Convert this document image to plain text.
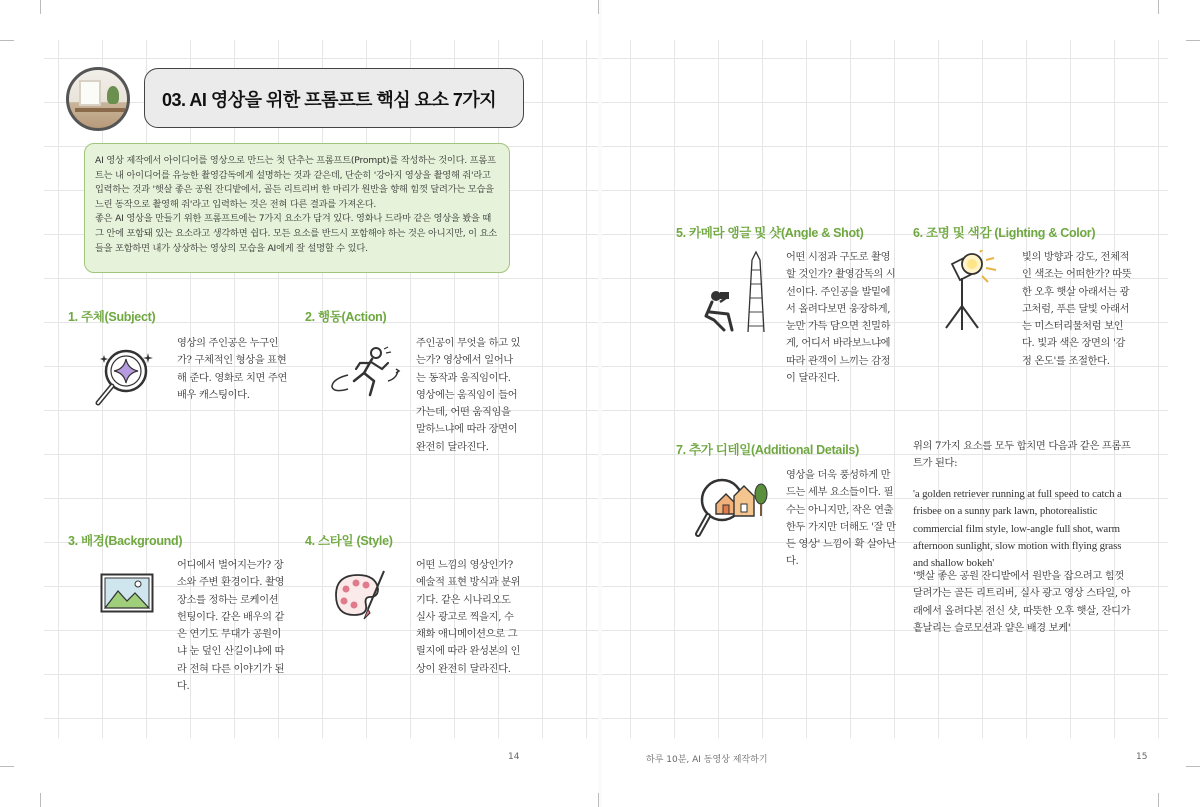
03. AI 영상을 위한 프롬프트 핵심 요소 7가지

AI 영상 제작에서 아이디어를 영상으로 만드는 첫 단추는 프롬프트(Prompt)를 작성하는 것이다. 프롬프트는 내 아이디어를 유능한 촬영감독에게 설명하는 것과 같은데, 단순히 '강아지 영상을 촬영해 줘'라고 입력하는 것과 '햇살 좋은 공원 잔디밭에서, 골든 리트리버 한 마리가 원반을 향해 힘껏 달려가는 모습을 느린 동작으로 촬영해 줘'라고 입력하는 것은 전혀 다른 결과를 가져온다.

좋은 AI 영상을 만들기 위한 프롬프트에는 7가지 요소가 담겨 있다. 영화나 드라마 같은 영상을 봤을 때 그 안에 포함돼 있는 요소라고 생각하면 쉽다. 모든 요소를 반드시 포함해야 하는 것은 아니지만, 이 요소들을 포함하면 내가 상상하는 영상의 모습을 AI에게 잘 설명할 수 있다.

1. 주체(Subject)
영상의 주인공은 누구인가? 구체적인 형상을 표현해 준다. 영화로 치면 주연 배우 캐스팅이다.
2. 행동(Action)
주인공이 무엇을 하고 있는가? 영상에서 일어나는 동작과 움직임이다. 영상에는 움직임이 들어가는데, 어떤 움직임을 말하느냐에 따라 장면이 완전히 달라진다.
3. 배경(Background)
어디에서 벌어지는가? 장소와 주변 환경이다. 촬영 장소를 정하는 로케이션 헌팅이다. 같은 배우의 같은 연기도 무대가 공원이냐 눈 덮인 산길이냐에 따라 전혀 다른 이야기가 된다.
4. 스타일 (Style)
어떤 느낌의 영상인가? 예술적 표현 방식과 분위기다. 같은 시나리오도 실사 광고로 찍을지, 수채화 애니메이션으로 그릴지에 따라 완성본의 인상이 완전히 달라진다.
5. 카메라 앵글 및 샷(Angle & Shot)
어떤 시점과 구도로 촬영할 것인가? 촬영감독의 시선이다. 주인공을 발밑에서 올려다보면 웅장하게, 눈만 가득 담으면 친밀하게, 어디서 바라보느냐에 따라 관객이 느끼는 감정이 달라진다.
6. 조명 및 색감 (Lighting & Color)
빛의 방향과 강도, 전체적인 색조는 어떠한가? 따뜻한 오후 햇살 아래서는 광고처럼, 푸른 달빛 아래서는 미스터리물처럼 보인다. 빛과 색은 장면의 '감정 온도'를 조절한다.
7. 추가 디테일(Additional Details)
영상을 더욱 풍성하게 만드는 세부 요소들이다. 필수는 아니지만, 작은 연출 한두 가지만 더해도 '잘 만든 영상' 느낌이 확 살아난다.
위의 7가지 요소를 모두 합치면 다음과 같은 프롬프트가 된다:
'a golden retriever running at full speed to catch a frisbee on a sunny park lawn, photorealistic commercial film style, low-angle full shot, warm afternoon sunlight, slow motion with flying grass and shallow bokeh'
'햇살 좋은 공원 잔디밭에서 원반을 잡으려고 힘껏 달려가는 골든 리트리버, 실사 광고 영상 스타일, 아래에서 올려다본 전신 샷, 따뜻한 오후 햇살, 잔디가 흩날리는 슬로모션과 얕은 배경 보케'
14	하루 10분, AI 동영상 제작하기	15
